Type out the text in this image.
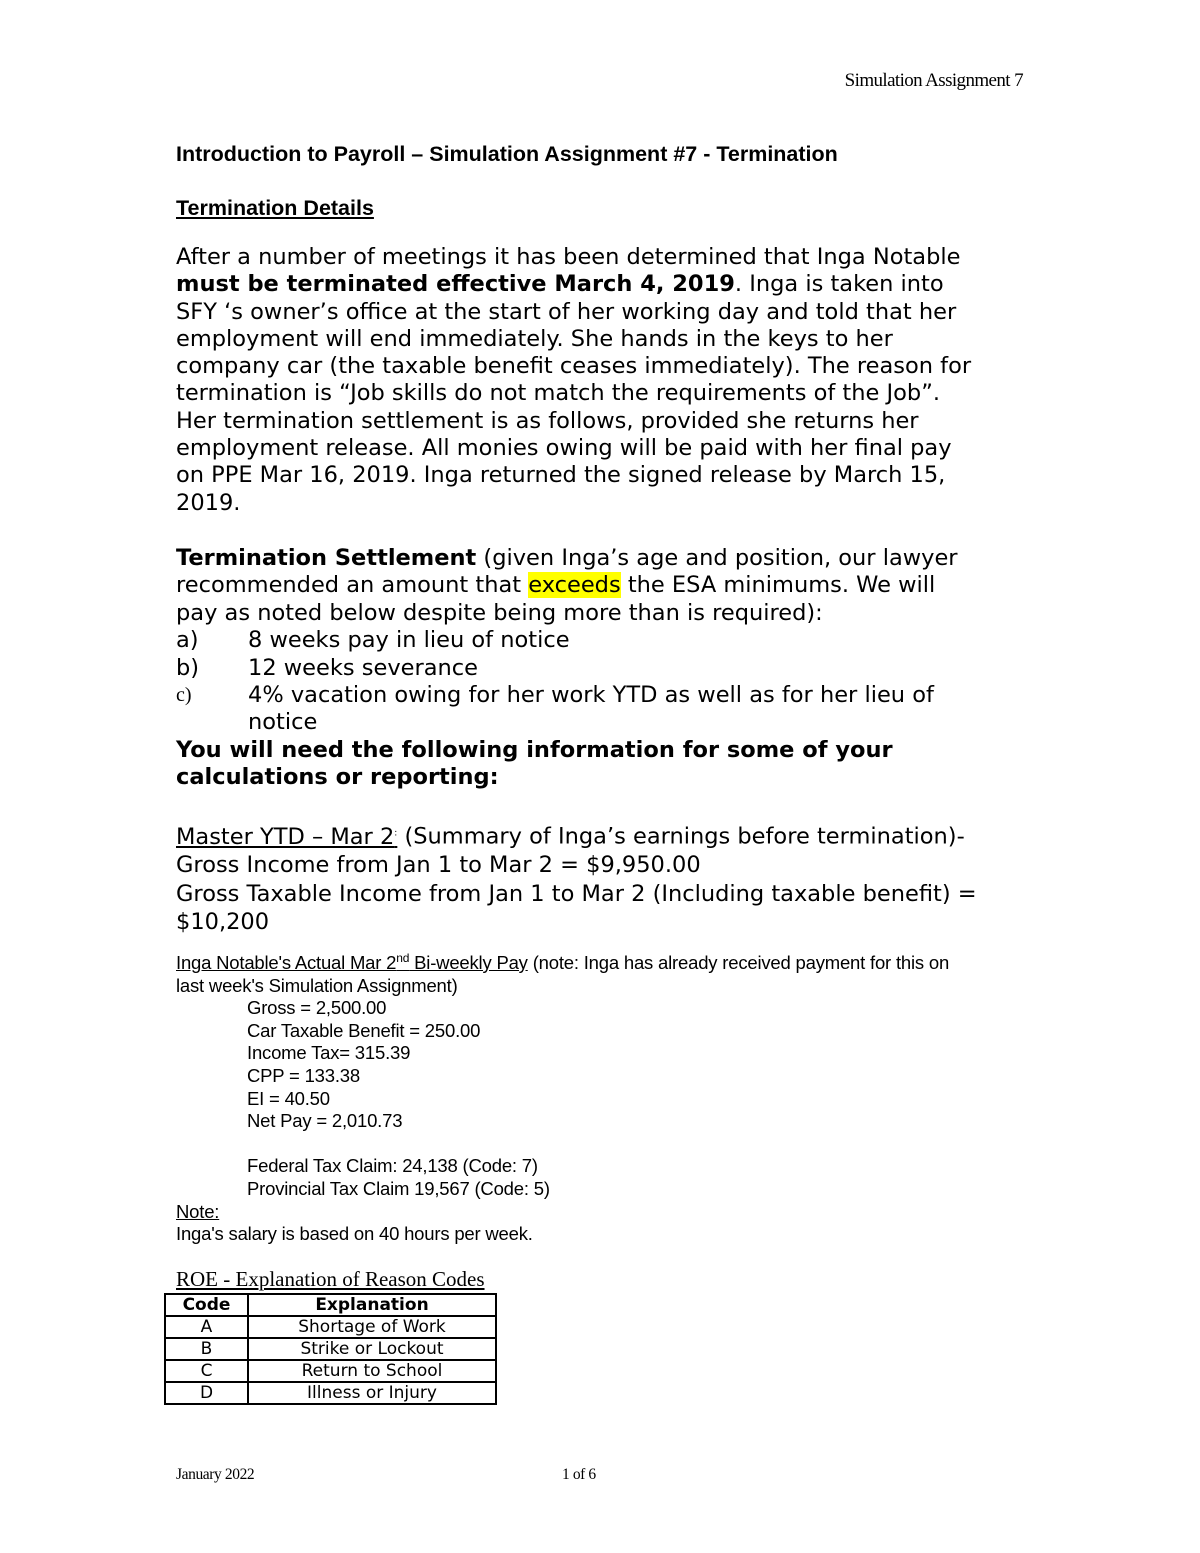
Simulation Assignment 7
Introduction to Payroll – Simulation Assignment #7 - Termination
Termination Details
After a number of meetings it has been determined that Inga Notable
must be terminated effective March 4, 2019. Inga is taken into
SFY ‘s owner’s office at the start of her working day and told that her
employment will end immediately. She hands in the keys to her
company car (the taxable benefit ceases immediately). The reason for
termination is “Job skills do not match the requirements of the Job”.
Her termination settlement is as follows, provided she returns her
employment release. All monies owing will be paid with her final pay
on PPE Mar 16, 2019. Inga returned the signed release by March 15,
2019.
Termination Settlement (given Inga’s age and position, our lawyer
recommended an amount that exceeds the ESA minimums. We will
pay as noted below despite being more than is required):
a)	8 weeks pay in lieu of notice
b)	12 weeks severance
c)	4% vacation owing for her work YTD as well as for her lieu of
notice
You will need the following information for some of your
calculations or reporting:
Master YTD – Mar 2: (Summary of Inga’s earnings before termination)-
Gross Income from Jan 1 to Mar 2 = $9,950.00
Gross Taxable Income from Jan 1 to Mar 2 (Including taxable benefit) =
$10,200
Inga Notable's Actual Mar 2nd Bi-weekly Pay (note: Inga has already received payment for this on
last week's Simulation Assignment)
Gross = 2,500.00
Car Taxable Benefit = 250.00
Income Tax= 315.39
CPP = 133.38
EI = 40.50
Net Pay = 2,010.73

Federal Tax Claim: 24,138 (Code: 7)
Provincial Tax Claim 19,567 (Code: 5)
Note:
Inga's salary is based on 40 hours per week.
ROE - Explanation of Reason Codes
Code	Explanation
A	Shortage of Work
B	Strike or Lockout
C	Return to School
D	Illness or Injury
January 2022	1 of 6
